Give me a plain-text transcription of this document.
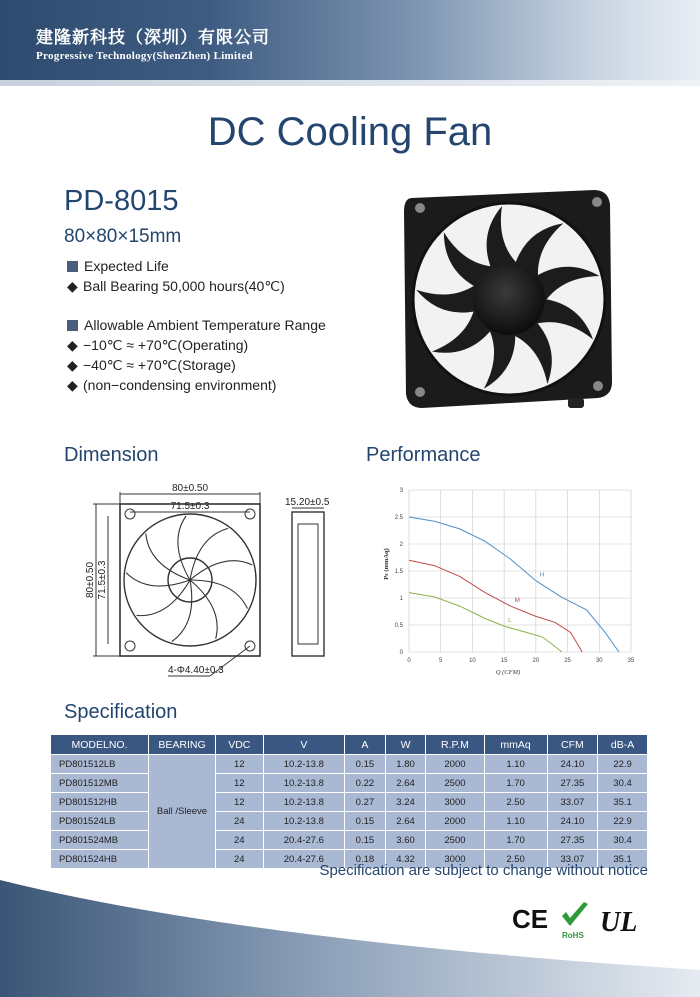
建隆新科技（深圳）有限公司
Progressive Technology(ShenZhen) Limited
DC Cooling Fan
PD-8015
80×80×15mm
Expected Life
◆ Ball Bearing 50,000 hours(40℃)
Allowable Ambient Temperature Range
◆ −10℃ ≈ +70℃(Operating)
◆ −40℃ ≈ +70℃(Storage)
◆ (non−condensing environment)
Dimension	Performance
Specification
80±0.50
71.5±0.3
80±0.50 71.5±0.3
15.20±0.5
4-Φ4.40±0.3
0	5	10	15	20	25	30	35
0
0.5
1
1.5
2
2.5
3
H
M
L
Q (CFM)
Ps (mmAq)
MODELNO.	BEARING	VDC	V	A	W	R.P.M	mmAq	CFM	dB-A
PD801512LB	Ball /Sleeve	12	10.2-13.8	0.15	1.80	2000	1.10	24.10	22.9
PD801512MB		12	10.2-13.8	0.22	2.64	2500	1.70	27.35	30.4
PD801512HB		12	10.2-13.8	0.27	3.24	3000	2.50	33.07	35.1
PD801524LB		24	10.2-13.8	0.15	2.64	2000	1.10	24.10	22.9
PD801524MB		24	20.4-27.6	0.15	3.60	2500	1.70	27.35	30.4
PD801524HB		24	20.4-27.6	0.18	4.32	3000	2.50	33.07	35.1
Specification are subject to change without notice
CE
RoHS UL
